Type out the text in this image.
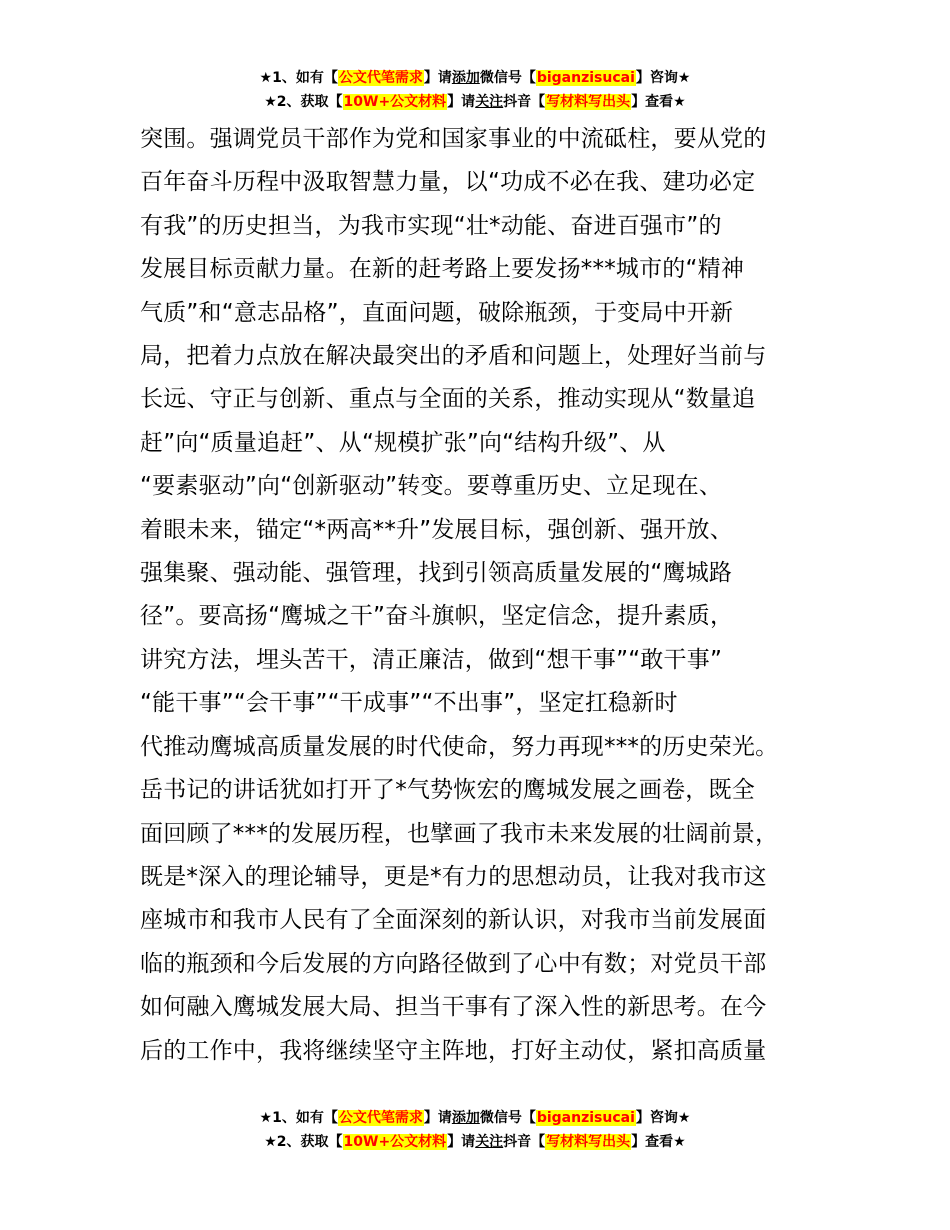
★1、如有【公文代笔需求】请添加微信号【biganzisucai】咨询★
★2、获取【10W+公文材料】请关注抖音【写材料写出头】查看★
突围。强调党员干部作为党和国家事业的中流砥柱，要从党的
百年奋斗历程中汲取智慧力量，以“功成不必在我、建功必定
有我”的历史担当，为我市实现“壮*动能、奋进百强市”的
发展目标贡献力量。在新的赶考路上要发扬***城市的“精神
气质”和“意志品格”，直面问题，破除瓶颈，于变局中开新
局，把着力点放在解决最突出的矛盾和问题上，处理好当前与
长远、守正与创新、重点与全面的关系，推动实现从“数量追
赶”向“质量追赶”、从“规模扩张”向“结构升级”、从
“要素驱动”向“创新驱动”转变。要尊重历史、立足现在、
着眼未来，锚定“*两高**升”发展目标，强创新、强开放、
强集聚、强动能、强管理，找到引领高质量发展的“鹰城路
径”。要高扬“鹰城之干”奋斗旗帜，坚定信念，提升素质，
讲究方法，埋头苦干，清正廉洁，做到“想干事”“敢干事”
“能干事”“会干事”“干成事”“不出事”，坚定扛稳新时
代推动鹰城高质量发展的时代使命，努力再现***的历史荣光。
岳书记的讲话犹如打开了*气势恢宏的鹰城发展之画卷，既全
面回顾了***的发展历程，也擘画了我市未来发展的壮阔前景，
既是*深入的理论辅导，更是*有力的思想动员，让我对我市这
座城市和我市人民有了全面深刻的新认识，对我市当前发展面
临的瓶颈和今后发展的方向路径做到了心中有数；对党员干部
如何融入鹰城发展大局、担当干事有了深入性的新思考。在今
后的工作中，我将继续坚守主阵地，打好主动仗，紧扣高质量
★1、如有【公文代笔需求】请添加微信号【biganzisucai】咨询★
★2、获取【10W+公文材料】请关注抖音【写材料写出头】查看★
